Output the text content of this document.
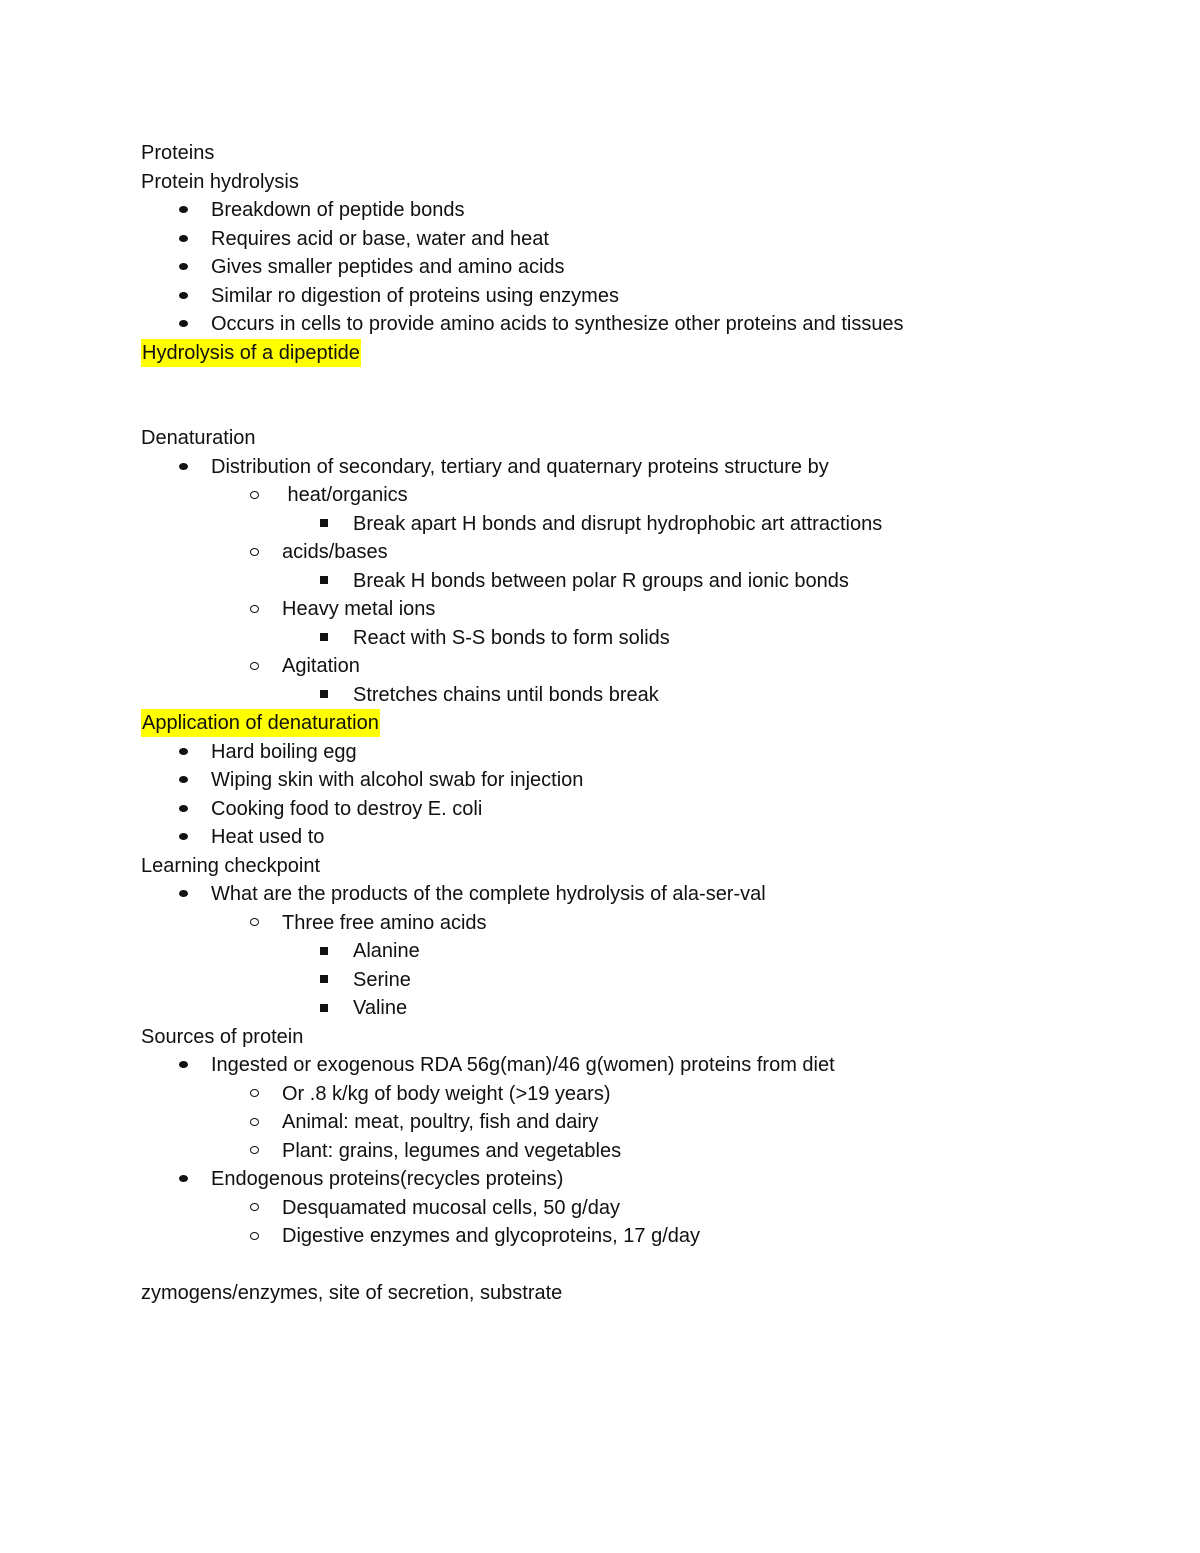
Proteins
Protein hydrolysis
Breakdown of peptide bonds
Requires acid or base, water and heat
Gives smaller peptides and amino acids
Similar ro digestion of proteins using enzymes
Occurs in cells to provide amino acids to synthesize other proteins and tissues
Hydrolysis of a dipeptide
Denaturation
Distribution of secondary, tertiary and quaternary proteins structure by
heat/organics
Break apart H bonds and disrupt hydrophobic art attractions
acids/bases
Break H bonds between polar R groups and ionic bonds
Heavy metal ions
React with S-S bonds to form solids
Agitation
Stretches chains until bonds break
Application of denaturation
Hard boiling egg
Wiping skin with alcohol swab for injection
Cooking food to destroy E. coli
Heat used to
Learning checkpoint
What are the products of the complete hydrolysis of ala-ser-val
Three free amino acids
Alanine
Serine
Valine
Sources of protein
Ingested or exogenous RDA 56g(man)/46 g(women) proteins from diet
Or .8 k/kg of body weight (>19 years)
Animal: meat, poultry, fish and dairy
Plant: grains, legumes and vegetables
Endogenous proteins(recycles proteins)
Desquamated mucosal cells, 50 g/day
Digestive enzymes and glycoproteins, 17 g/day
zymogens/enzymes, site of secretion, substrate
